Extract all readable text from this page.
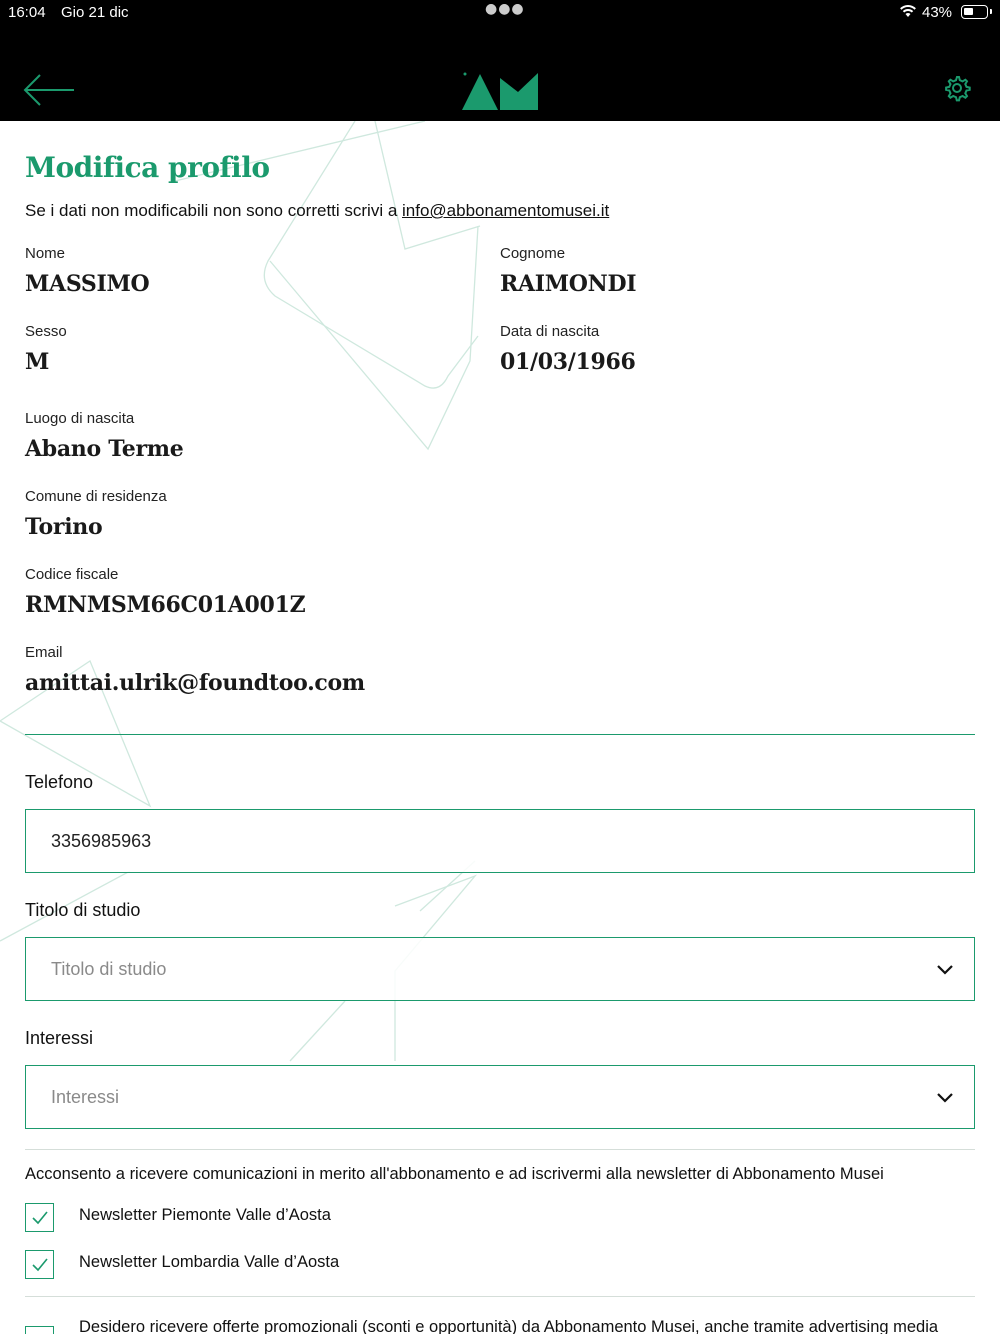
16:04 Gio 21 dic	●●●	43%
Modifica profilo

Se i dati non modificabili non sono corretti scrivi a info@abbonamentomusei.it

Nome
MASSIMO
Cognome
RAIMONDI
Sesso
M
Data di nascita
01/03/1966
Luogo di nascita
Abano Terme
Comune di residenza
Torino
Codice fiscale
RMNMSM66C01A001Z
Email
amittai.ulrik@foundtoo.com
Telefono
3356985963
Titolo di studio
Titolo di studio
Interessi
Interessi

Acconsento a ricevere comunicazioni in merito all'abbonamento e ad iscrivermi alla newsletter di Abbonamento Musei

Newsletter Piemonte Valle d’Aosta
Newsletter Lombardia Valle d’Aosta
Desidero ricevere offerte promozionali (sconti e opportunità) da Abbonamento Musei, anche tramite advertising media
